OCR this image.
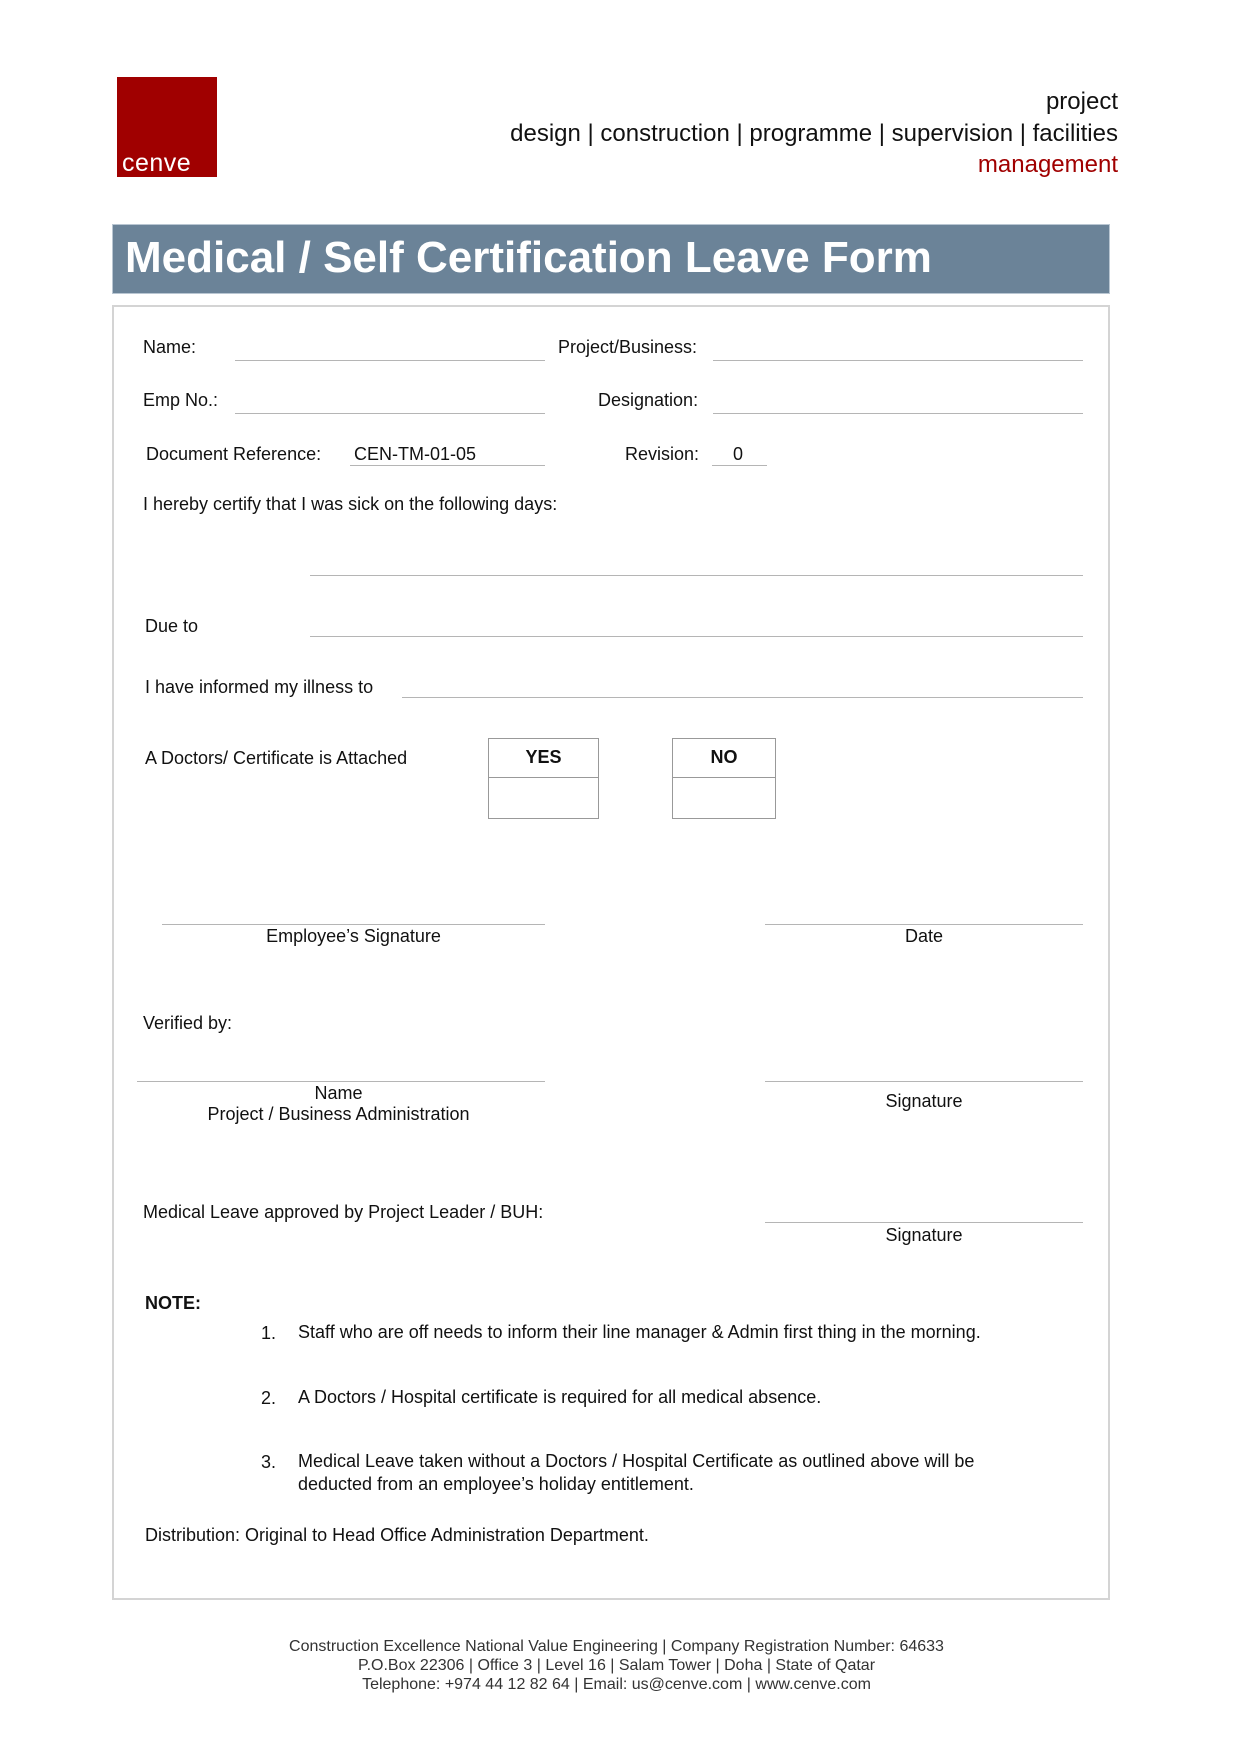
cenve
project
design | construction | programme | supervision | facilities
management
Medical / Self Certification Leave Form
Name:	Project/Business:
Emp No.:	Designation:
Document Reference: CEN-TM-01-05	Revision: 0
I hereby certify that I was sick on the following days:
Due to
I have informed my illness to
A Doctors/ Certificate is Attached	YES	NO
Employee’s Signature	Date
Verified by:
Name
Project / Business Administration
Signature
Medical Leave approved by Project Leader / BUH:
Signature
NOTE:
1. Staff who are off needs to inform their line manager & Admin first thing in the morning.
2. A Doctors / Hospital certificate is required for all medical absence.
3. Medical Leave taken without a Doctors / Hospital Certificate as outlined above will be deducted from an employee’s holiday entitlement.
Distribution: Original to Head Office Administration Department.
Construction Excellence National Value Engineering | Company Registration Number: 64633
P.O.Box 22306 | Office 3 | Level 16 | Salam Tower | Doha | State of Qatar
Telephone: +974 44 12 82 64 | Email: us@cenve.com | www.cenve.com
